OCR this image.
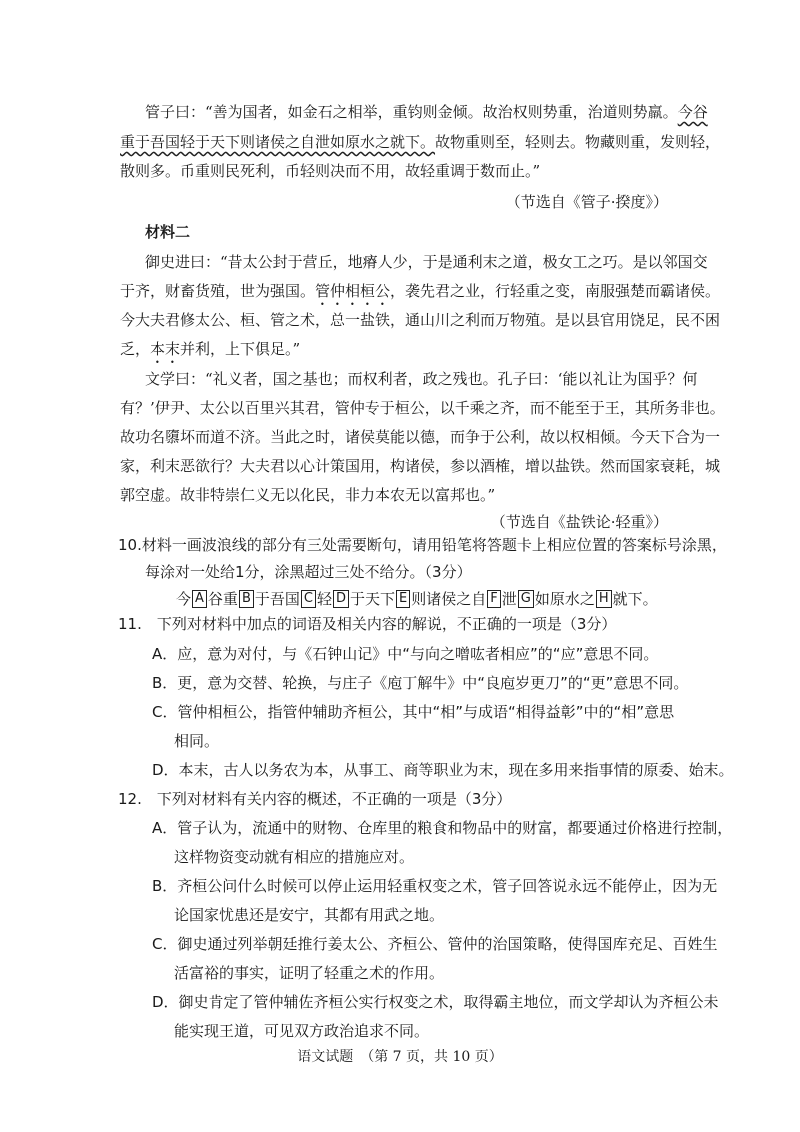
管子曰：“善为国者，如金石之相举，重钧则金倾。故治权则势重，治道则势羸。今谷
重于吾国轻于天下则诸侯之自泄如原水之就下。故物重则至，轻则去。物藏则重，发则轻，
散则多。币重则民死利，币轻则决而不用，故轻重调于数而止。”
（节选自《管子·揆度》）
材料二
御史进曰：“昔太公封于营丘，地瘠人少，于是通利末之道，极女工之巧。是以邻国交
于齐，财畜货殖，世为强国。管仲相桓公，袭先君之业，行轻重之变，南服强楚而霸诸侯。
今大夫君修太公、桓、管之术，总一盐铁，通山川之利而万物殖。是以县官用饶足，民不困
乏，本末并利，上下俱足。”
文学曰：“礼义者，国之基也；而权利者，政之残也。孔子曰：‘能以礼让为国乎？何
有？’伊尹、太公以百里兴其君，管仲专于桓公，以千乘之齐，而不能至于王，其所务非也。
故功名隳坏而道不济。当此之时，诸侯莫能以德，而争于公利，故以权相倾。今天下合为一
家，利末恶欲行？大夫君以心计策国用，构诸侯，参以酒榷，增以盐铁。然而国家衰耗，城
郭空虚。故非特崇仁义无以化民，非力本农无以富邦也。”
（节选自《盐铁论·轻重》）
10.材料一画波浪线的部分有三处需要断句，请用铅笔将答题卡上相应位置的答案标号涂黑，
每涂对一处给1分，涂黑超过三处不给分。（3分）
今 A 谷重 B 于吾国 C 轻 D 于天下 E 则诸侯之自 F 泄 G 如原水之 H 就下。
11.　下列对材料中加点的词语及相关内容的解说，不正确的一项是（3分）
A．应，意为对付，与《石钟山记》中“与向之噌吰者相应”的“应”意思不同。
B．更，意为交替、轮换，与庄子《庖丁解牛》中“良庖岁更刀”的“更”意思不同。
C．管仲相桓公，指管仲辅助齐桓公，其中“相”与成语“相得益彰”中的“相”意思
相同。
D．本末，古人以务农为本，从事工、商等职业为末，现在多用来指事情的原委、始末。
12.　下列对材料有关内容的概述，不正确的一项是（3分）
A．管子认为，流通中的财物、仓库里的粮食和物品中的财富，都要通过价格进行控制，
这样物资变动就有相应的措施应对。
B．齐桓公问什么时候可以停止运用轻重权变之术，管子回答说永远不能停止，因为无
论国家忧患还是安宁，其都有用武之地。
C．御史通过列举朝廷推行姜太公、齐桓公、管仲的治国策略，使得国库充足、百姓生
活富裕的事实，证明了轻重之术的作用。
D．御史肯定了管仲辅佐齐桓公实行权变之术，取得霸主地位，而文学却认为齐桓公未
能实现王道，可见双方政治追求不同。
语文试题　（第 7 页，共 10 页）
